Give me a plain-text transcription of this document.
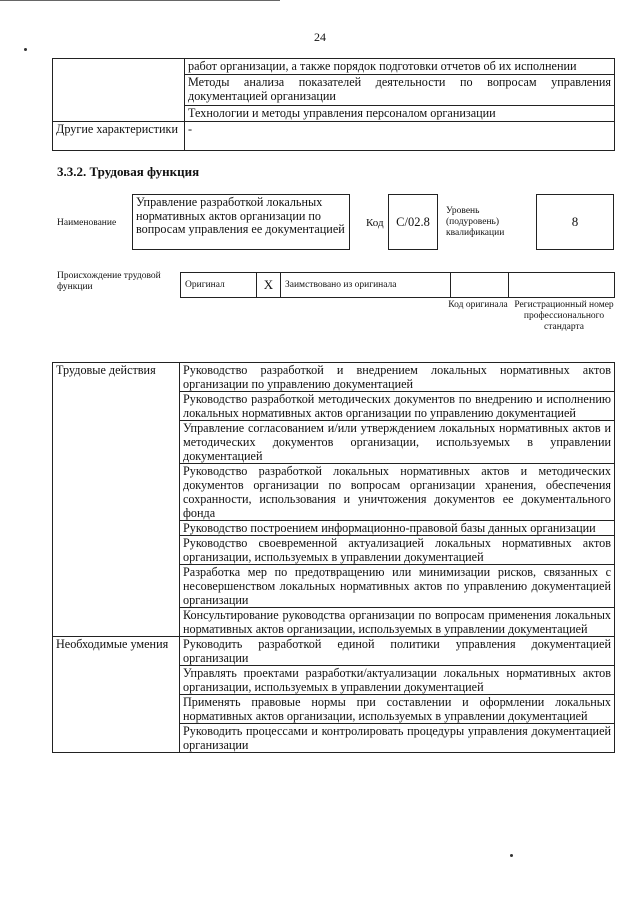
24
	работ организации, а также порядок подготовки отчетов об их исполнении
	Методы анализа показателей деятельности по вопросам управления документацией организации
	Технологии и методы управления персоналом организации
Другие характеристики	-
3.3.2. Трудовая функция
Наименование
Управление разработкой локальных нормативных актов организации по вопросам управления ее документацией	Код	С/02.8
Уровень (подуровень) квалификации
8
Происхождение трудовой функции	Оригинал	X	Заимствовано из оригинала		
Код оригинала Регистрационный номер профессионального стандарта
Трудовые действия	Руководство разработкой и внедрением локальных нормативных актов организации по управлению документацией
	Руководство разработкой методических документов по внедрению и исполнению локальных нормативных актов организации по управлению документацией
	Управление согласованием и/или утверждением локальных нормативных актов и методических документов организации, используемых в управлении документацией
	Руководство разработкой локальных нормативных актов и методических документов организации по вопросам организации хранения, обеспечения сохранности, использования и уничтожения документов ее документального фонда
	Руководство построением информационно-правовой базы данных организации
	Руководство своевременной актуализацией локальных нормативных актов организации, используемых в управлении документацией
	Разработка мер по предотвращению или минимизации рисков, связанных с несовершенством локальных нормативных актов по управлению документацией организации
	Консультирование руководства организации по вопросам применения локальных нормативных актов организации, используемых в управлении документацией
Необходимые умения	Руководить разработкой единой политики управления документацией организации
	Управлять проектами разработки/актуализации локальных нормативных актов организации, используемых в управлении документацией
	Применять правовые нормы при составлении и оформлении локальных нормативных актов организации, используемых в управлении документацией
	Руководить процессами и контролировать процедуры управления документацией организации
